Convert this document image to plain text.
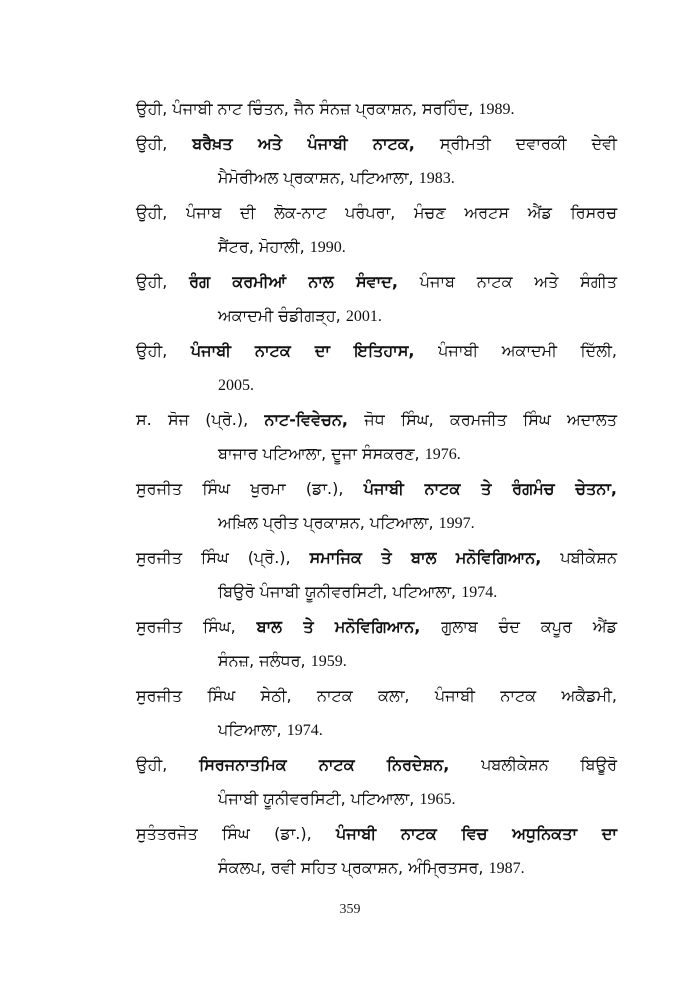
ਉਹੀ, ਪੰਜਾਬੀ ਨਾਟ ਚਿੰਤਨ, ਜੈਨ ਸੰਨਜ਼ ਪ੍ਰਕਾਸ਼ਨ, ਸਰਹਿੰਦ, 1989.

ਉਹੀ, ਬਰੈਖ਼ਤ ਅਤੇ ਪੰਜਾਬੀ ਨਾਟਕ, ਸ੍ਰੀਮਤੀ ਦਵਾਰਕੀ ਦੇਵੀ
ਮੈਮੋਰੀਅਲ ਪ੍ਰਕਾਸ਼ਨ, ਪਟਿਆਲਾ, 1983.

ਉਹੀ, ਪੰਜਾਬ ਦੀ ਲੋਕ-ਨਾਟ ਪਰੰਪਰਾ, ਮੰਚਣ ਅਰਟਸ ਐਂਡ ਰਿਸਰਚ
ਸੈਂਟਰ, ਮੋਹਾਲੀ, 1990.

ਉਹੀ, ਰੰਗ ਕਰਮੀਆਂ ਨਾਲ ਸੰਵਾਦ, ਪੰਜਾਬ ਨਾਟਕ ਅਤੇ ਸੰਗੀਤ
ਅਕਾਦਮੀ ਚੰਡੀਗੜ੍ਹ, 2001.

ਉਹੀ, ਪੰਜਾਬੀ ਨਾਟਕ ਦਾ ਇਤਿਹਾਸ, ਪੰਜਾਬੀ ਅਕਾਦਮੀ ਦਿੱਲੀ,
2005.

ਸ. ਸੋਜ (ਪ੍ਰੋ.), ਨਾਟ-ਵਿਵੇਚਨ, ਜੋਧ ਸਿੰਘ, ਕਰਮਜੀਤ ਸਿੰਘ ਅਦਾਲਤ
ਬਾਜਾਰ ਪਟਿਆਲਾ, ਦੂਜਾ ਸੰਸਕਰਣ, 1976.

ਸੁਰਜੀਤ ਸਿੰਘ ਖੁਰਮਾ (ਡਾ.), ਪੰਜਾਬੀ ਨਾਟਕ ਤੇ ਰੰਗਮੰਚ ਚੇਤਨਾ,
ਅਖ਼ਿਲ ਪ੍ਰੀਤ ਪ੍ਰਕਾਸ਼ਨ, ਪਟਿਆਲਾ, 1997.

ਸੁਰਜੀਤ ਸਿੰਘ (ਪ੍ਰੋ.), ਸਮਾਜਿਕ ਤੇ ਬਾਲ ਮਨੋਵਿਗਿਆਨ, ਪਬੀਕੇਸ਼ਨ
ਬਿਉਰੋ ਪੰਜਾਬੀ ਯੂਨੀਵਰਸਿਟੀ, ਪਟਿਆਲਾ, 1974.

ਸੁਰਜੀਤ ਸਿੰਘ, ਬਾਲ ਤੇ ਮਨੋਵਿਗਿਆਨ, ਗੁਲਾਬ ਚੰਦ ਕਪੂਰ ਐਂਡ
ਸੰਨਜ਼, ਜਲੰਧਰ, 1959.

ਸੁਰਜੀਤ ਸਿੰਘ ਸੇਠੀ, ਨਾਟਕ ਕਲਾ, ਪੰਜਾਬੀ ਨਾਟਕ ਅਕੈਡਮੀ,
ਪਟਿਆਲਾ, 1974.

ਉਹੀ, ਸਿਰਜਨਾਤਮਿਕ ਨਾਟਕ ਨਿਰਦੇਸ਼ਨ, ਪਬਲੀਕੇਸ਼ਨ ਬਿਊਰੋ
ਪੰਜਾਬੀ ਯੂਨੀਵਰਸਿਟੀ, ਪਟਿਆਲਾ, 1965.

ਸੁਤੰਤਰਜੋਤ ਸਿੰਘ (ਡਾ.), ਪੰਜਾਬੀ ਨਾਟਕ ਵਿਚ ਅਧੁਨਿਕਤਾ ਦਾ
ਸੰਕਲਪ, ਰਵੀ ਸਹਿਤ ਪ੍ਰਕਾਸ਼ਨ, ਅੰਮ੍ਰਿਤਸਰ, 1987.

359
